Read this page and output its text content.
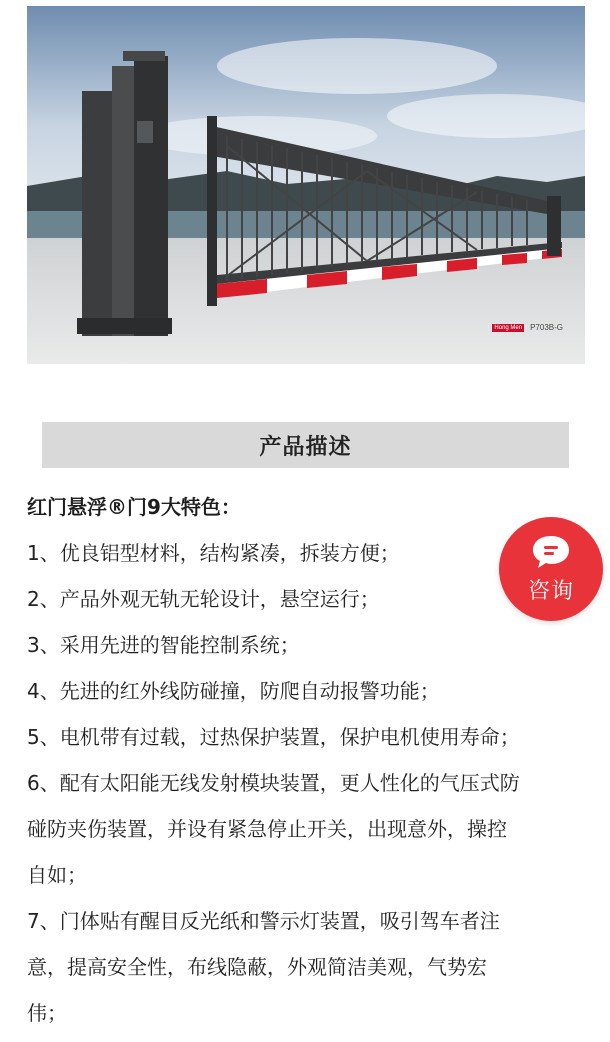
Hong Men P703B-G
产品描述
红门悬浮®门9大特色：
1、优良铝型材料，结构紧凑，拆装方便；
2、产品外观无轨无轮设计，悬空运行；
3、采用先进的智能控制系统；
4、先进的红外线防碰撞，防爬自动报警功能；
5、电机带有过载，过热保护装置，保护电机使用寿命；
6、配有太阳能无线发射模块装置，更人性化的气压式防
碰防夹伤装置，并设有紧急停止开关，出现意外，操控
自如；
7、门体贴有醒目反光纸和警示灯装置，吸引驾车者注
意，提高安全性，布线隐蔽，外观简洁美观，气势宏
伟；
咨询
